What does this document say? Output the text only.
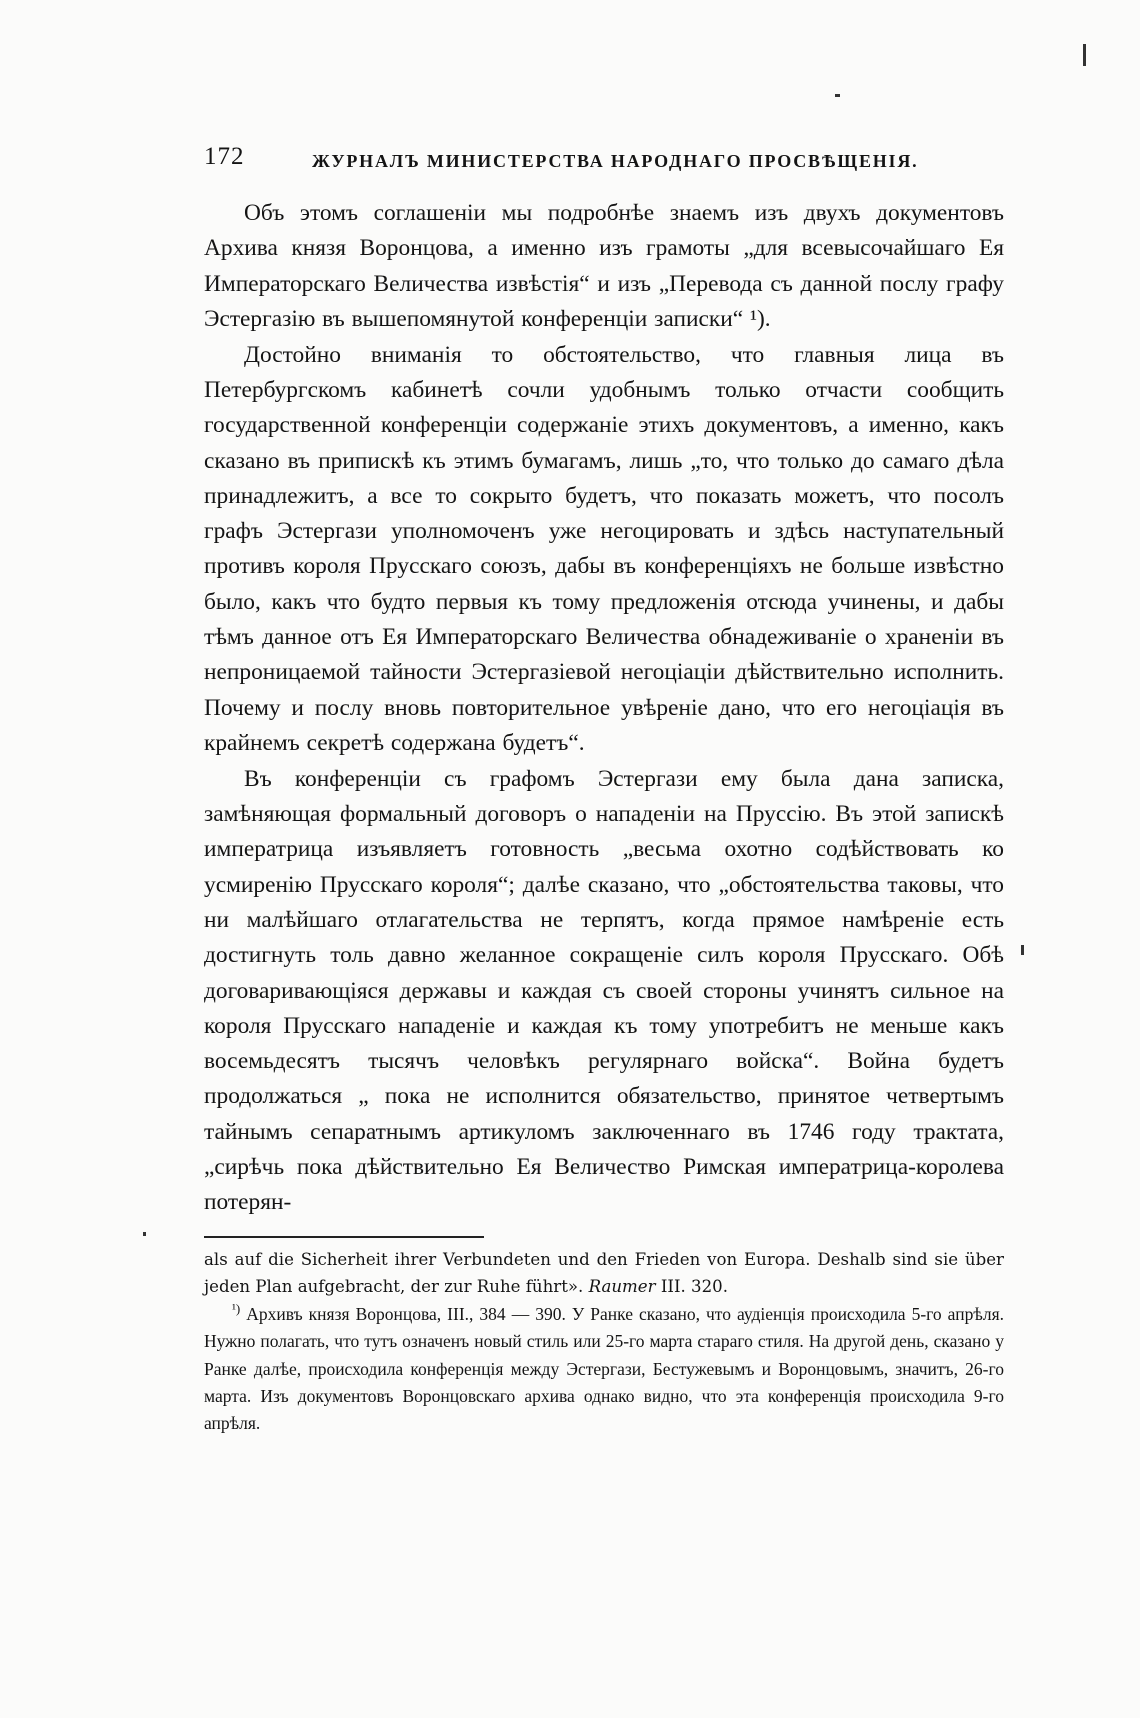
172	ЖУРНАЛЪ МИНИСТЕРСТВА НАРОДНАГО ПРОСВѢЩЕНІЯ.

Объ этомъ соглашеніи мы подробнѣе знаемъ изъ двухъ документовъ Архива князя Воронцова, а именно изъ грамоты „для всевысочайшаго Ея Императорскаго Величества извѣстія“ и изъ „Перевода съ данной послу графу Эстергазію въ вышепомянутой конференціи записки“ ¹).

Достойно вниманія то обстоятельство, что главныя лица въ Петербургскомъ кабинетѣ сочли удобнымъ только отчасти сообщить государственной конференціи содержаніе этихъ документовъ, а именно, какъ сказано въ припискѣ къ этимъ бумагамъ, лишь „то, что только до самаго дѣла принадлежитъ, а все то сокрыто будетъ, что показать можетъ, что посолъ графъ Эстергази уполномоченъ уже негоцировать и здѣсь наступательный противъ короля Прусскаго союзъ, дабы въ конференціяхъ не больше извѣстно было, какъ что будто первыя къ тому предложенія отсюда учинены, и дабы тѣмъ данное отъ Ея Императорскаго Величества обнадеживаніе о храненіи въ непроницаемой тайности Эстергазіевой негоціаціи дѣйствительно исполнить. Почему и послу вновь повторительное увѣреніе дано, что его негоціація въ крайнемъ секретѣ содержана будетъ“.

Въ конференціи съ графомъ Эстергази ему была дана записка, замѣняющая формальный договоръ о нападеніи на Пруссію. Въ этой запискѣ императрица изъявляетъ готовность „весьма охотно содѣйствовать ко усмиренію Прусскаго короля“; далѣе сказано, что „обстоятельства таковы, что ни малѣйшаго отлагательства не терпятъ, когда прямое намѣреніе есть достигнуть толь давно желанное сокращеніе силъ короля Прусскаго. Обѣ договаривающіяся державы и каждая съ своей стороны учинятъ сильное на короля Прусскаго нападеніе и каждая къ тому употребитъ не меньше какъ восемьдесятъ тысячъ человѣкъ регулярнаго войска“. Война будетъ продолжаться „ пока не исполнится обязательство, принятое четвертымъ тайнымъ сепаратнымъ артикуломъ заключеннаго въ 1746 году трактата, „сирѣчь пока дѣйствительно Ея Величество Римская императрица-королева потерян-

als auf die Sicherheit ihrer Verbundeten und den Frieden von Europa. Deshalb sind sie über jeden Plan aufgebracht, der zur Ruhe führt». Raumer III. 320.

$^{^1)}$ Архивъ князя Воронцова, III., 384 — 390. У Ранке сказано, что аудіенція происходила 5-го апрѣля. Нужно полагать, что тутъ означенъ новый стиль или 25-го марта стараго стиля. На другой день, сказано у Ранке далѣе, происходила конференція между Эстергази, Бестужевымъ и Воронцовымъ, значитъ, 26-го марта. Изъ документовъ Воронцовскаго архива однако видно, что эта конференція происходила 9-го апрѣля.
